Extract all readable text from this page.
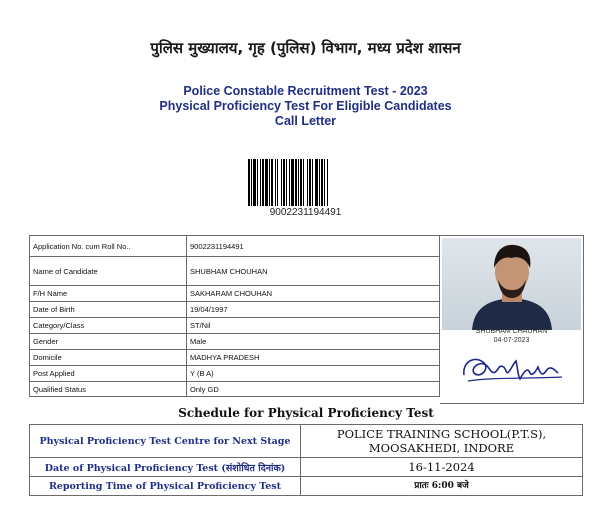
पुलिस मुख्यालय, गृह (पुलिस) विभाग, मध्य प्रदेश शासन
Police Constable Recruitment Test - 2023
Physical Proficiency Test For Eligible Candidates
Call Letter
9002231194491
Application No. cum Roll No..	9002231194491
Name of Candidate	SHUBHAM CHOUHAN
F/H Name	SAKHARAM CHOUHAN
Date of Birth	19/04/1997
Category/Class	ST/Nil
Gender	Male
Domicile	MADHYA PRADESH
Post Applied	Y (B A)
Qualified Status	Only GD
SHUBHAM CHAUHAN
04-07-2023
Schedule for Physical Proficiency Test
Physical Proficiency Test Centre for Next Stage	POLICE TRAINING SCHOOL(P.T.S),
MOOSAKHEDI, INDORE

Date of Physical Proficiency Test (संशोधित दिनांक)	16-11-2024
Reporting Time of Physical Proficiency Test	प्रातः 6:00 बजे
